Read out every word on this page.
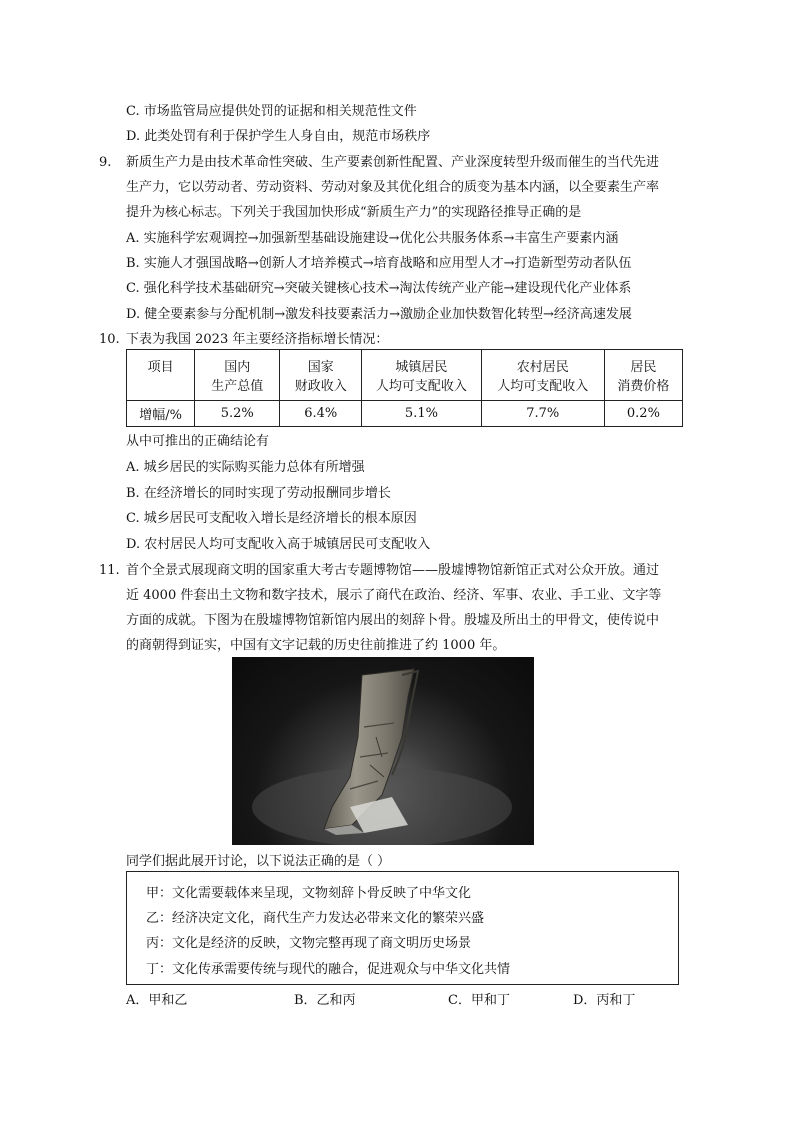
C. 市场监管局应提供处罚的证据和相关规范性文件
D. 此类处罚有利于保护学生人身自由，规范市场秩序
9. 新质生产力是由技术革命性突破、生产要素创新性配置、产业深度转型升级而催生的当代先进
生产力，它以劳动者、劳动资料、劳动对象及其优化组合的质变为基本内涵，以全要素生产率
提升为核心标志。下列关于我国加快形成“新质生产力”的实现路径推导正确的是
A. 实施科学宏观调控→加强新型基础设施建设→优化公共服务体系→丰富生产要素内涵
B. 实施人才强国战略→创新人才培养模式→培育战略和应用型人才→打造新型劳动者队伍
C. 强化科学技术基础研究→突破关键核心技术→淘汰传统产业产能→建设现代化产业体系
D. 健全要素参与分配机制→激发科技要素活力→激励企业加快数智化转型→经济高速发展
10. 下表为我国 2023 年主要经济指标增长情况：
项目	国内	国家	城镇居民	农村居民	居民
	生产总值	财政收入	人均可支配收入	人均可支配收入	消费价格
增幅/%	5.2%	6.4%	5.1%	7.7%	0.2%
从中可推出的正确结论有
A. 城乡居民的实际购买能力总体有所增强
B. 在经济增长的同时实现了劳动报酬同步增长
C. 城乡居民可支配收入增长是经济增长的根本原因
D. 农村居民人均可支配收入高于城镇居民可支配收入
11. 首个全景式展现商文明的国家重大考古专题博物馆——殷墟博物馆新馆正式对公众开放。通过
近 4000 件套出土文物和数字技术，展示了商代在政治、经济、军事、农业、手工业、文字等
方面的成就。下图为在殷墟博物馆新馆内展出的刻辞卜骨。殷墟及所出土的甲骨文，使传说中
的商朝得到证实，中国有文字记载的历史往前推进了约 1000 年。
同学们据此展开讨论，以下说法正确的是（ ）
甲：文化需要载体来呈现，文物刻辞卜骨反映了中华文化
乙：经济决定文化，商代生产力发达必带来文化的繁荣兴盛
丙：文化是经济的反映，文物完整再现了商文明历史场景
丁：文化传承需要传统与现代的融合，促进观众与中华文化共情
A．甲和乙	B．乙和丙	C．甲和丁	D．丙和丁
